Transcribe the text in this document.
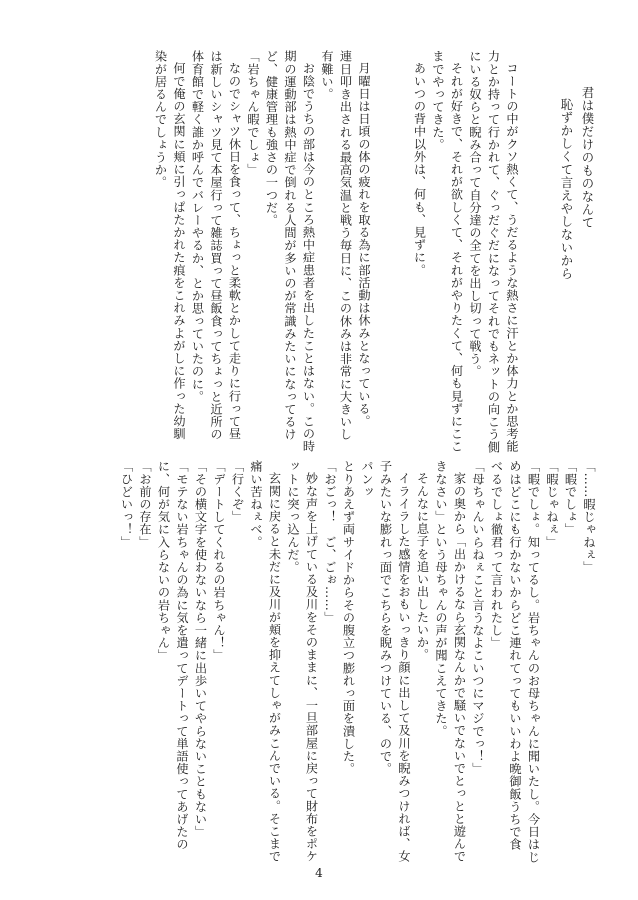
君は僕だけのものなんて
恥ずかしくて言えやしないから
コートの中がクソ熱くて、うだるような熱さに汗とか体力とか思考能
力とか持って行かれて、ぐっだぐだになってそれでもネットの向こう側
にいる奴らと睨み合って自分達の全てを出し切って戦う。
それが好きで、それが欲しくて、それがやりたくて、何も見ずにここ
までやってきた。
あいつの背中以外は、何も、見ずに。
月曜日は日頃の体の疲れを取る為に部活動は休みとなっている。
連日叩き出される最高気温と戦う毎日に、この休みは非常に大きいし
有難い。
お陰でうちの部は今のところ熱中症患者を出したことはない。この時
期の運動部は熱中症で倒れる人間が多いのが常識みたいになってるけ
ど、健康管理も強さの一つだ。
「岩ちゃん暇でしょ」
なのでシャツ休日を食って、ちょっと柔軟とかして走りに行って昼
は新しいシャツ見て本屋行って雑誌買って昼飯食ってちょっと近所の
体育館で軽く誰か呼んでバレーやるか、とか思っていたのに。
何で俺の玄関に頬に引っぱたかれた痕をこれみよがしに作った幼馴
染が居るんでしょうか。
「……暇じゃねぇ」
「暇でしょ」
「暇じゃねぇ」
「暇でしょ。知ってるし。岩ちゃんのお母ちゃんに聞いたし。今日はじ
めはどこにも行かないからどこ連れてってもいいわよ晩御飯うちで食
べるでしょ徹君って言われたし」
「母ちゃんいらねぇこと言うなよこいつにマジでっ！」
家の奥から「出かけるなら玄関なんかで騒いでないでとっとと遊んで
きなさい」という母ちゃんの声が聞こえてきた。
そんなに息子を追い出したいか。
イライラした感情をおもいっきり顔に出して及川を睨みつければ、女
子みたいな膨れっ面でこちらを睨みつけている、ので。
パンッ
とりあえず両サイドからその腹立つ膨れっ面を潰した。
「おごっ！　ご、ごぉ……」
妙な声を上げている及川をそのままに、一旦部屋に戻って財布をポケ
ットに突っ込んだ。
玄関に戻ると未だに及川が頬を抑えてしゃがみこんでいる。そこまで
痛い苦ねぇべ。
「行くぞ」
「デートしてくれるの岩ちゃん！」
「その横文字を使わないなら一緒に出歩いてやらないこともない」
「モテない岩ちゃんの為に気を遣ってデートって単語使ってあげたの
に、何が気に入らないの岩ちゃん」
「お前の存在」
「ひどいっ！」
4
